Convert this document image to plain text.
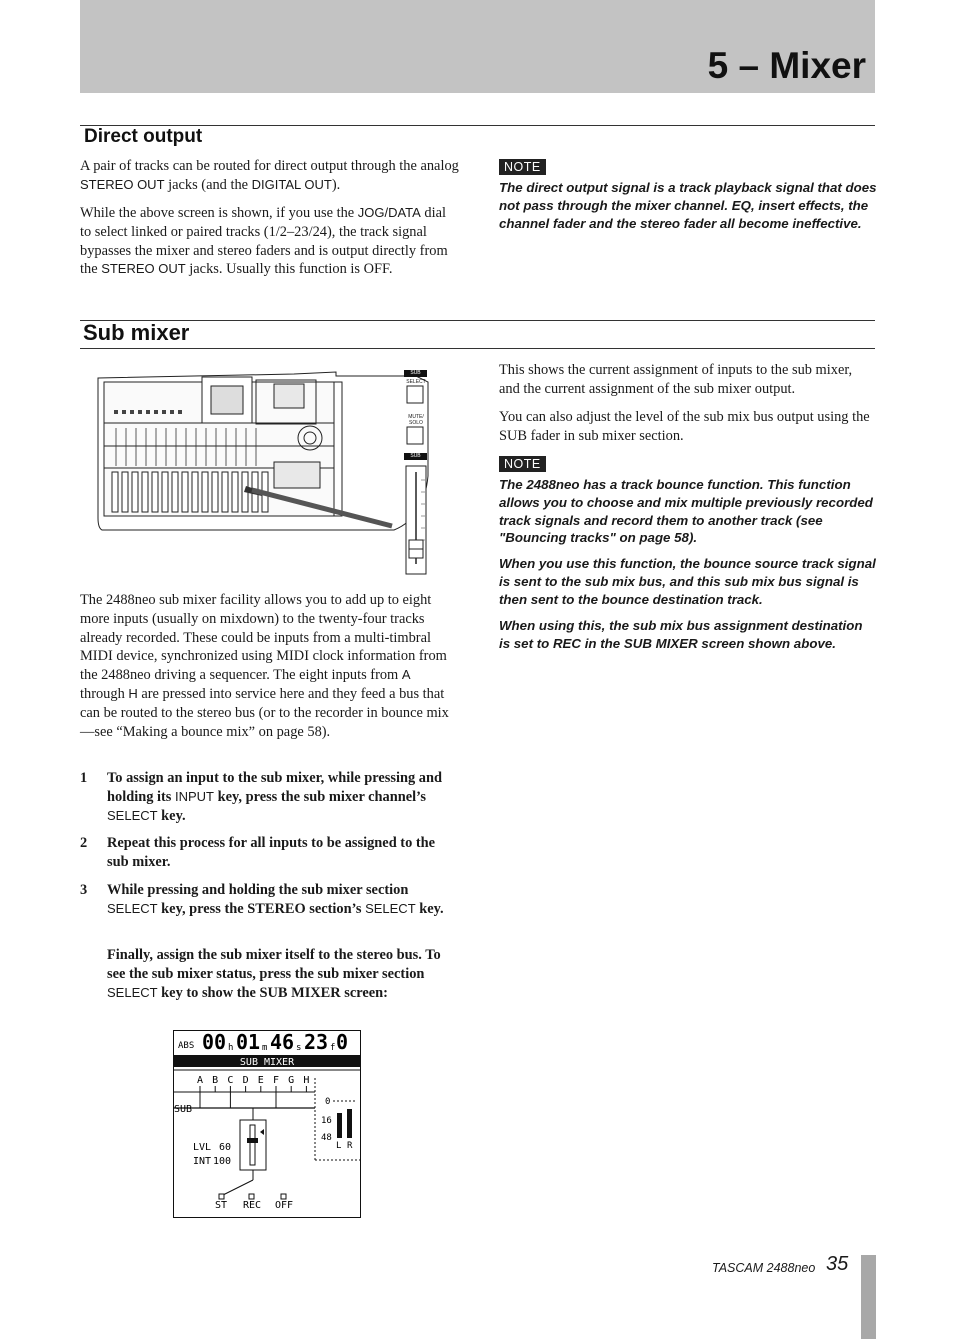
5 – Mixer
Direct output

A pair of tracks can be routed for direct output through the analog STEREO OUT jacks (and the DIGITAL OUT).

While the above screen is shown, if you use the JOG/DATA dial to select linked or paired tracks (1/2–23/24), the track signal bypasses the mixer and stereo faders and is output directly from the STEREO OUT jacks. Usually this function is OFF.

NOTE

The direct output signal is a track playback signal that does not pass through the mixer channel. EQ, insert effects, the channel fader and the stereo fader all become ineffective.

Sub mixer
SUB
SELECT
MUTE/
SOLO
SUB

The 2488neo sub mixer facility allows you to add up to eight more inputs (usually on mixdown) to the twenty-four tracks already recorded. These could be inputs from a multi-timbral MIDI device, synchronized using MIDI clock information from the 2488neo driving a sequencer. The eight inputs from A through H are pressed into service here and they feed a bus that can be routed to the stereo bus (or to the recorder in bounce mix—see “Making a bounce mix” on page 58).

1 To assign an input to the sub mixer, while pressing and holding its INPUT key, press the sub mixer channel’s SELECT key.
2 Repeat this process for all inputs to be assigned to the sub mixer.
3 While pressing and holding the sub mixer section SELECT key, press the STEREO section’s SELECT key.
Finally, assign the sub mixer itself to the stereo bus. To see the sub mixer status, press the sub mixer section SELECT key to show the SUB MIXER screen:
ABS 00 h 01 m 46 s 23 f 0
SUB MIXER
A B C D E F G H
SUB
LVL 60
INT 100
ST REC OFF
0
16
48
L R

This shows the current assignment of inputs to the sub mixer, and the current assignment of the sub mixer output.

You can also adjust the level of the sub mix bus output using the SUB fader in sub mixer section.

NOTE

The 2488neo has a track bounce function. This function allows you to choose and mix multiple previously recorded track signals and record them to another track (see "Bouncing tracks" on page 58).

When you use this function, the bounce source track signal is sent to the sub mix bus, and this sub mix bus signal is then sent to the bounce destination track.

When using this, the sub mix bus assignment destination is set to REC in the SUB MIXER screen shown above.

TASCAM 2488neo 35
